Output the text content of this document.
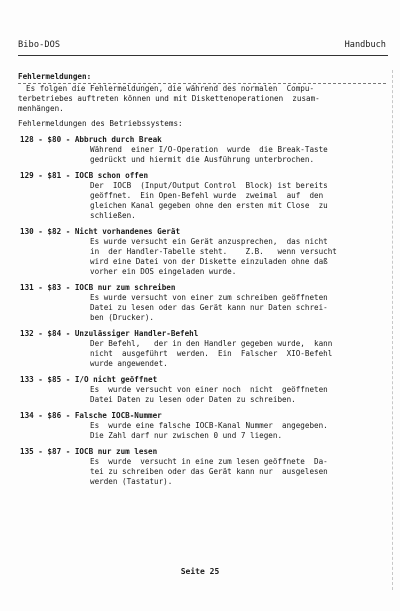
Bibo-DOS	Handbuch
Fehlermeldungen:
Es folgen die Fehlermeldungen, die während des normalen  Compu-
terbetriebes auftreten können und mit Diskettenoperationen  zusam-
menhängen.
Fehlermeldungen des Betriebssystems:
128 - $80 - Abbruch durch Break
Während  einer I/O-Operation  wurde  die Break-Taste
gedrückt und hiermit die Ausführung unterbrochen.
129 - $81 - IOCB schon offen
Der  IOCB  (Input/Output Control  Block) ist bereits
geöffnet.  Ein Open-Befehl wurde  zweimal  auf  den
gleichen Kanal gegeben ohne den ersten mit Close  zu
schließen.
130 - $82 - Nicht vorhandenes Gerät
Es wurde versucht ein Gerät anzusprechen,  das nicht
in  der Handler-Tabelle steht.    Z.B.   wenn versucht
wird eine Datei von der Diskette einzuladen ohne daß
vorher ein DOS eingeladen wurde.
131 - $83 - IOCB nur zum schreiben
Es wurde versucht von einer zum schreiben geöffneten
Datei zu lesen oder das Gerät kann nur Daten schrei-
ben (Drucker).
132 - $84 - Unzulässiger Handler-Befehl
Der Befehl,   der in den Handler gegeben wurde,  kann
nicht  ausgeführt  werden.  Ein  Falscher  XIO-Befehl
wurde angewendet.
133 - $85 - I/O nicht geöffnet
Es  wurde versucht von einer noch  nicht  geöffneten
Datei Daten zu lesen oder Daten zu schreiben.
134 - $86 - Falsche IOCB-Nummer
Es  wurde eine falsche IOCB-Kanal Nummer  angegeben.
Die Zahl darf nur zwischen 0 und 7 liegen.
135 - $87 - IOCB nur zum lesen
Es  wurde  versucht in eine zum lesen geöffnete  Da-
tei zu schreiben oder das Gerät kann nur  ausgelesen
werden (Tastatur).
Seite 25
